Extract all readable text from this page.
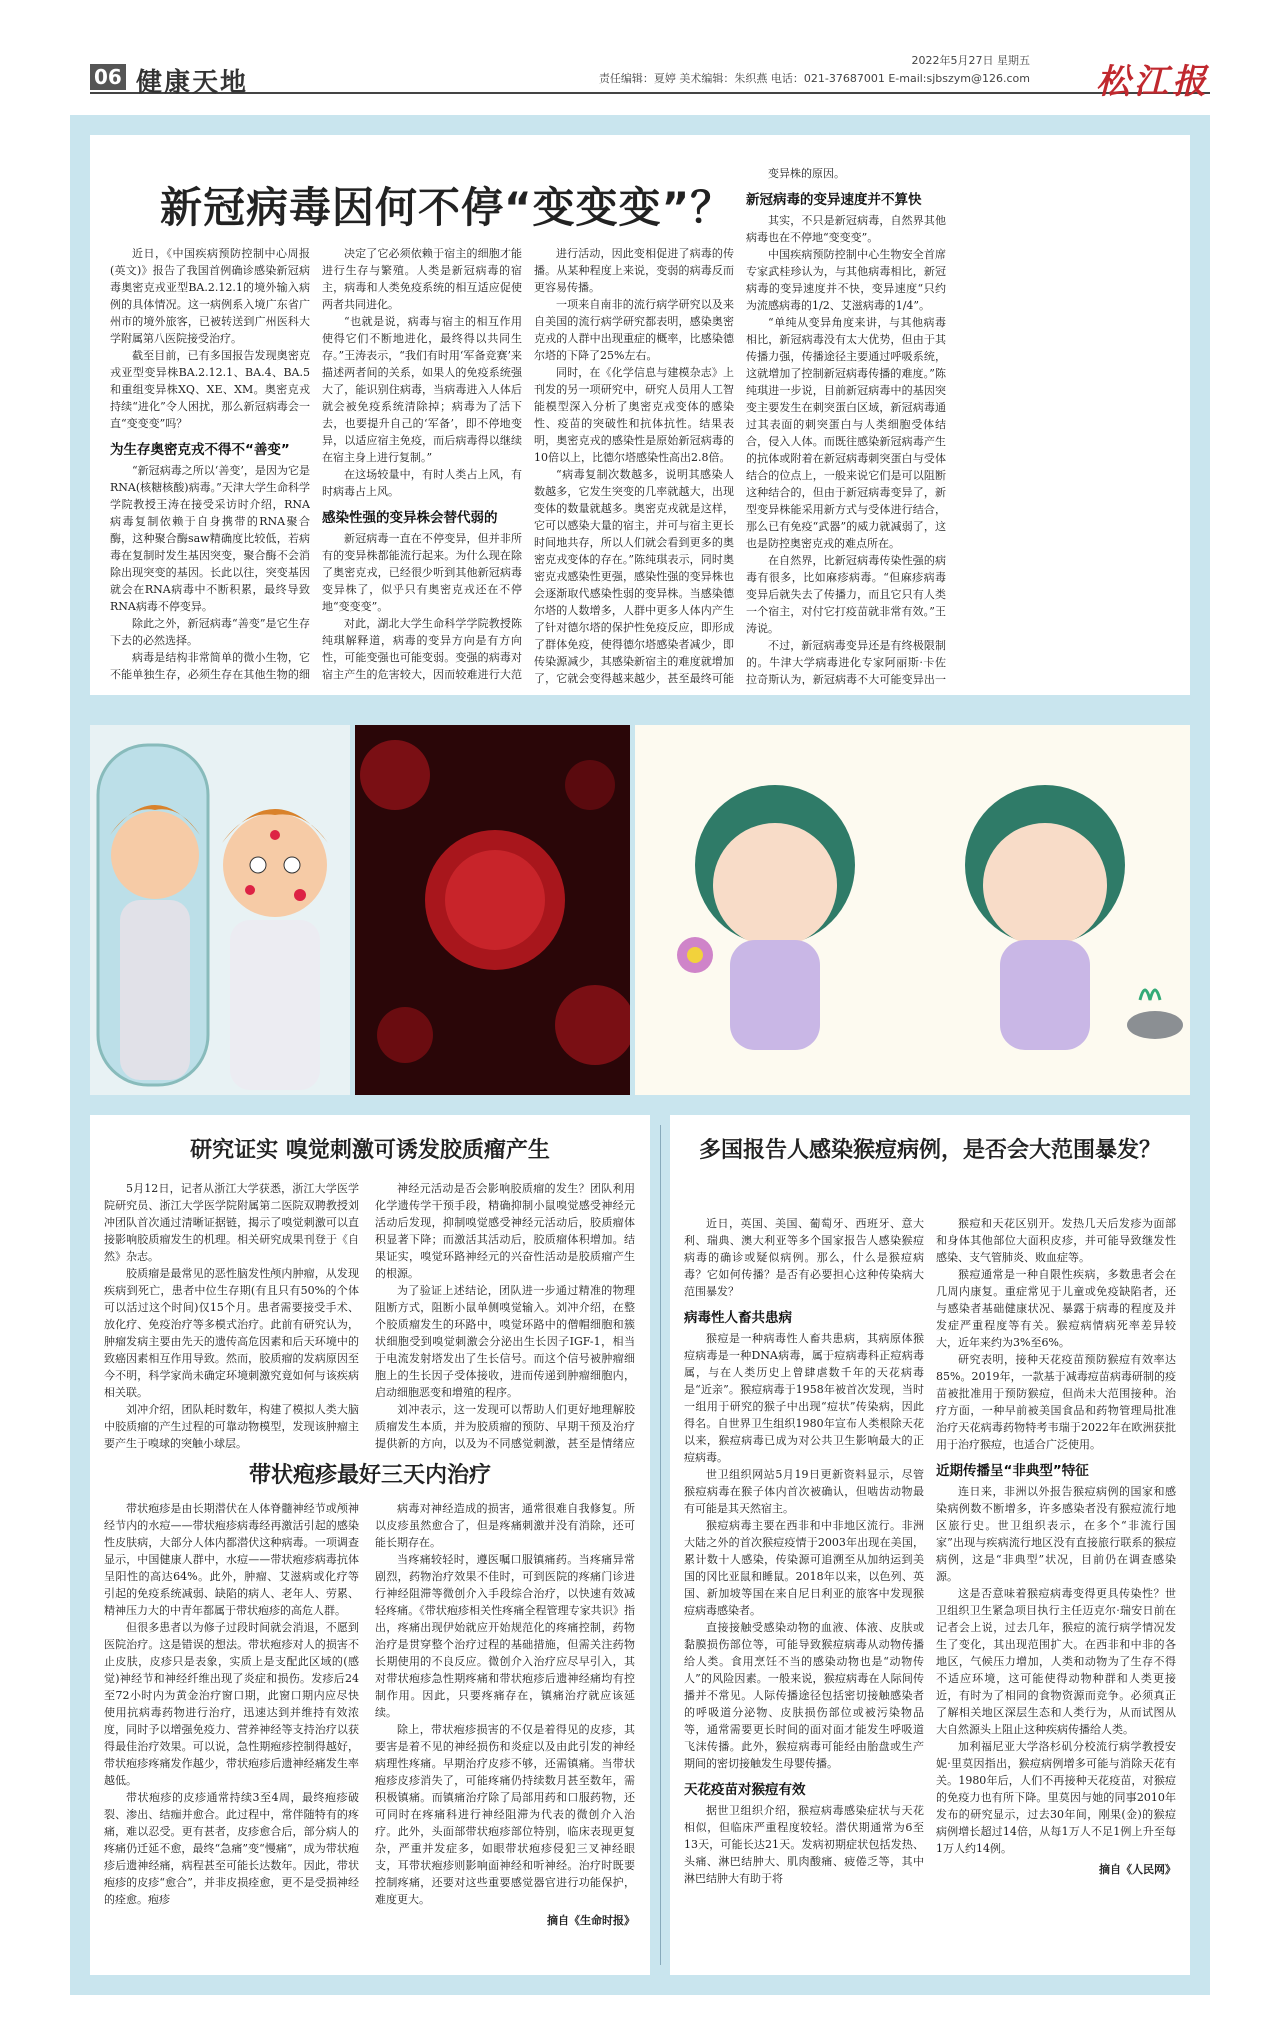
06 健康天地
2022年5月27日 星期五
责任编辑：夏婷 美术编辑：朱织燕 电话：021-37687001 E-mail:sjbszym@126.com 松江报
新冠病毒因何不停“变变变”？

近日，《中国疾病预防控制中心周报(英文)》报告了我国首例确诊感染新冠病毒奥密克戎亚型BA.2.12.1的境外输入病例的具体情况。这一病例系入境广东省广州市的境外旅客，已被转送到广州医科大学附属第八医院接受治疗。

截至目前，已有多国报告发现奥密克戎亚型变异株BA.2.12.1、BA.4、BA.5和重组变异株XQ、XE、XM。奥密克戎持续“进化”令人困扰，那么新冠病毒会一直“变变变”吗？

为生存奥密克戎不得不“善变”

“新冠病毒之所以‘善变’，是因为它是RNA(核糖核酸)病毒。”天津大学生命科学学院教授王涛在接受采访时介绍，RNA病毒复制依赖于自身携带的RNA聚合酶，这种聚合酶saw精确度比较低，若病毒在复制时发生基因突变，聚合酶不会消除出现突变的基因。长此以往，突变基因就会在RNA病毒中不断积累，最终导致RNA病毒不停变异。

除此之外，新冠病毒“善变”是它生存下去的必然选择。

病毒是结构非常简单的微小生物，它不能单独生存，必须生存在其他生物的细

决定了它必须依赖于宿主的细胞才能进行生存与繁殖。人类是新冠病毒的宿主，病毒和人类免疫系统的相互适应促使两者共同进化。

“也就是说，病毒与宿主的相互作用使得它们不断地进化，最终得以共同生存。”王涛表示，“我们有时用‘军备竞赛’来描述两者间的关系，如果人的免疫系统强大了，能识别住病毒，当病毒进入人体后就会被免疫系统清除掉；病毒为了活下去，也要提升自己的‘军备’，即不停地变异，以适应宿主免疫，而后病毒得以继续在宿主身上进行复制。”

在这场较量中，有时人类占上风，有时病毒占上风。

感染性强的变异株会替代弱的

新冠病毒一直在不停变异，但并非所有的变异株都能流行起来。为什么现在除了奥密克戎，已经很少听到其他新冠病毒变异株了，似乎只有奥密克戎还在不停地“变变变”。

对此，湖北大学生命科学学院教授陈纯琪解释道，病毒的变异方向是有方向性，可能变强也可能变弱。变强的病毒对宿主产生的危害较大，因而较难进行大范

进行活动，因此变相促进了病毒的传播。从某种程度上来说，变弱的病毒反而更容易传播。

一项来自南非的流行病学研究以及来自美国的流行病学研究都表明，感染奥密克戎的人群中出现重症的概率，比感染德尔塔的下降了25%左右。

同时，在《化学信息与建模杂志》上刊发的另一项研究中，研究人员用人工智能模型深入分析了奥密克戎变体的感染性、疫苗的突破性和抗体抗性。结果表明，奥密克戎的感染性是原始新冠病毒的10倍以上，比德尔塔感染性高出2.8倍。

“病毒复制次数越多，说明其感染人数越多，它发生突变的几率就越大，出现变体的数量就越多。奥密克戎就是这样，它可以感染大量的宿主，并可与宿主更长时间地共存，所以人们就会看到更多的奥密克戎变体的存在。”陈纯琪表示，同时奥密克戎感染性更强，感染性强的变异株也会逐渐取代感染性弱的变异株。当感染德尔塔的人数增多，人群中更多人体内产生了针对德尔塔的保护性免疫反应，即形成了群体免疫，使得德尔塔感染者减少，即传染源减少，其感染新宿主的难度就增加了，它就会变得越来越少，甚至最终可能

变异株的原因。

新冠病毒的变异速度并不算快

其实，不只是新冠病毒，自然界其他病毒也在不停地“变变变”。

中国疾病预防控制中心生物安全首席专家武桂珍认为，与其他病毒相比，新冠病毒的变异速度并不快，变异速度“只约为流感病毒的1/2、艾滋病毒的1/4”。

“单纯从变异角度来讲，与其他病毒相比，新冠病毒没有太大优势，但由于其传播力强，传播途径主要通过呼吸系统，这就增加了控制新冠病毒传播的难度。”陈纯琪进一步说，目前新冠病毒中的基因突变主要发生在刺突蛋白区域，新冠病毒通过其表面的刺突蛋白与人类细胞受体结合，侵入人体。而既往感染新冠病毒产生的抗体或附着在新冠病毒刺突蛋白与受体结合的位点上，一般来说它们是可以阻断这种结合的，但由于新冠病毒变异了，新型变异株能采用新方式与受体进行结合，那么已有免疫“武器”的威力就减弱了，这也是防控奥密克戎的难点所在。

在自然界，比新冠病毒传染性强的病毒有很多，比如麻疹病毒。“但麻疹病毒变异后就失去了传播力，而且它只有人类一个宿主，对付它打疫苗就非常有效。”王涛说。

不过，新冠病毒变异还是有终极限制的。牛津大学病毒进化专家阿丽斯·卡佐拉奇斯认为，新冠病毒不大可能变异出一

研究证实 嗅觉刺激可诱发胶质瘤产生

5月12日，记者从浙江大学获悉，浙江大学医学院研究员、浙江大学医学院附属第二医院双聘教授刘冲团队首次通过清晰证据链，揭示了嗅觉刺激可以直接影响胶质瘤发生的机理。相关研究成果刊登于《自然》杂志。

胶质瘤是最常见的恶性脑发性颅内肿瘤，从发现疾病到死亡，患者中位生存期(有且只有50%的个体可以活过这个时间)仅15个月。患者需要接受手术、放化疗、免疫治疗等多模式治疗。此前有研究认为，肿瘤发病主要由先天的遗传高危因素和后天环境中的致癌因素相互作用导致。然而，胶质瘤的发病原因至今不明，科学家尚未确定环境刺激究竟如何与该疾病相关联。

刘冲介绍，团队耗时数年，构建了模拟人类大脑中胶质瘤的产生过程的可靠动物模型，发现该肿瘤主要产生于嗅球的突触小球层。

神经元活动是否会影响胶质瘤的发生？团队利用化学遗传学干预手段，精确抑制小鼠嗅觉感受神经元活动后发现，抑制嗅觉感受神经元活动后，胶质瘤体积显著下降；而激活其活动后，胶质瘤体积增加。结果证实，嗅觉环路神经元的兴奋性活动是胶质瘤产生的根源。

为了验证上述结论，团队进一步通过精准的物理阻断方式，阻断小鼠单侧嗅觉输入。刘冲介绍，在整个胶质瘤发生的环路中，嗅觉环路中的僧帽细胞和簇状细胞受到嗅觉刺激会分泌出生长因子IGF-1，相当于电流发射塔发出了生长信号。而这个信号被肿瘤细胞上的生长因子受体接收，进而传递到肿瘤细胞内，启动细胞恶变和增殖的程序。

刘冲表示，这一发现可以帮助人们更好地理解胶质瘤发生本质，并为胶质瘤的预防、早期干预及治疗提供新的方向，以及为不同感觉刺激，甚至是情绪应

带状疱疹最好三天内治疗

带状疱疹是由长期潜伏在人体脊髓神经节或颅神经节内的水痘——带状疱疹病毒经再激活引起的感染性皮肤病，大部分人体内都潜伏这种病毒。一项调查显示，中国健康人群中，水痘——带状疱疹病毒抗体呈阳性的高达64%。此外，肿瘤、艾滋病或化疗等引起的免疫系统减弱、缺陷的病人、老年人、劳累、精神压力大的中青年都属于带状疱疹的高危人群。

但很多患者以为修子过段时间就会消退，不愿到医院治疗。这是错误的想法。带状疱疹对人的损害不止皮肤，皮疹只是表象，实质上是支配此区域的(感觉)神经节和神经纤维出现了炎症和损伤。发疹后24至72小时内为黄金治疗窗口期，此窗口期内应尽快使用抗病毒药物进行治疗，迅速达到并维持有效浓度，同时予以增强免疫力、营养神经等支持治疗以获得最佳治疗效果。可以说，急性期疱疹控制得越好，带状疱疹疼痛发作越少，带状疱疹后遗神经痛发生率越低。

带状疱疹的皮疹通常持续3至4周，最终疱疹破裂、渗出、结痂并愈合。此过程中，常伴随特有的疼痛，难以忍受。更有甚者，皮疹愈合后，部分病人的疼痛仍迁延不愈，最终“急痛”变“慢痛”，成为带状疱疹后遗神经痛，病程甚至可能长达数年。因此，带状疱疹的皮疹“愈合”，并非皮损痊愈，更不是受损神经的痊愈。疱疹

病毒对神经造成的损害，通常很难自我修复。所以皮疹虽然愈合了，但是疼痛刺激并没有消除，还可能长期存在。

当疼痛较轻时，遵医嘱口服镇痛药。当疼痛异常剧烈，药物治疗效果不佳时，可到医院的疼痛门诊进行神经阻滞等微创介入手段综合治疗，以快速有效减轻疼痛。《带状疱疹相关性疼痛全程管理专家共识》指出，疼痛出现伊始就应开始规范化的疼痛控制，药物治疗是贯穿整个治疗过程的基础措施，但需关注药物长期使用的不良反应。微创介入治疗应尽早引入，其对带状疱疹急性期疼痛和带状疱疹后遗神经痛均有控制作用。因此，只要疼痛存在，镇痛治疗就应该延续。

除上，带状疱疹损害的不仅是着得见的皮疹，其要害是着不见的神经损伤和炎症以及由此引发的神经病理性疼痛。早期治疗皮疹不够，还需镇痛。当带状疱疹皮疹消失了，可能疼痛仍持续数月甚至数年，需积极镇痛。而镇痛治疗除了局部用药和口服药物，还可同时在疼痛科进行神经阻滞为代表的微创介入治疗。此外，头面部带状疱疹部位特别，临床表现更复杂，严重并发症多，如眼带状疱疹侵犯三叉神经眼支，耳带状疱疹则影响面神经和听神经。治疗时既要控制疼痛，还要对这些重要感觉器官进行功能保护，难度更大。

摘自《生命时报》
多国报告人感染猴痘病例，是否会大范围暴发？

近日，英国、美国、葡萄牙、西班牙、意大利、瑞典、澳大利亚等多个国家报告人感染猴痘病毒的确诊或疑似病例。那么，什么是猴痘病毒？它如何传播？是否有必要担心这种传染病大范围暴发？

病毒性人畜共患病

猴痘是一种病毒性人畜共患病，其病原体猴痘病毒是一种DNA病毒，属于痘病毒科正痘病毒属，与在人类历史上曾肆虐数千年的天花病毒是“近亲”。猴痘病毒于1958年被首次发现，当时一组用于研究的猴子中出现“痘状”传染病，因此得名。自世界卫生组织1980年宣布人类根除天花以来，猴痘病毒已成为对公共卫生影响最大的正痘病毒。

世卫组织网站5月19日更新资料显示，尽管猴痘病毒在猴子体内首次被确认，但啮齿动物最有可能是其天然宿主。

猴痘病毒主要在西非和中非地区流行。非洲大陆之外的首次猴痘疫情于2003年出现在美国，累计数十人感染，传染源可追溯至从加纳运到美国的冈比亚鼠和睡鼠。2018年以来，以色列、英国、新加坡等国在来自尼日利亚的旅客中发现猴痘病毒感染者。

直接接触受感染动物的血液、体液、皮肤或黏膜损伤部位等，可能导致猴痘病毒从动物传播给人类。食用烹饪不当的感染动物也是“动物传人”的风险因素。一般来说，猴痘病毒在人际间传播并不常见。人际传播途径包括密切接触感染者的呼吸道分泌物、皮肤损伤部位或被污染物品等，通常需要更长时间的面对面才能发生呼吸道飞沫传播。此外，猴痘病毒可能经由胎盘或生产期间的密切接触发生母婴传播。

天花疫苗对猴痘有效

据世卫组织介绍，猴痘病毒感染症状与天花相似，但临床严重程度较轻。潜伏期通常为6至13天，可能长达21天。发病初期症状包括发热、头痛、淋巴结肿大、肌肉酸痛、疲倦乏等，其中淋巴结肿大有助于将

猴痘和天花区别开。发热几天后发疹为面部和身体其他部位大面积皮疹，并可能导致继发性感染、支气管肺炎、败血症等。

猴痘通常是一种自限性疾病，多数患者会在几周内康复。重症常见于儿童或免疫缺陷者，还与感染者基础健康状况、暴露于病毒的程度及并发症严重程度等有关。猴痘病情病死率差异较大，近年来约为3%至6%。

研究表明，接种天花疫苗预防猴痘有效率达85%。2019年，一款基于减毒痘苗病毒研制的疫苗被批准用于预防猴痘，但尚未大范围接种。治疗方面，一种早前被美国食品和药物管理局批准治疗天花病毒药物特考韦瑞于2022年在欧洲获批用于治疗猴痘，也适合广泛使用。

近期传播呈“非典型”特征

连日来，非洲以外报告猴痘病例的国家和感染病例数不断增多，许多感染者没有猴痘流行地区旅行史。世卫组织表示，在多个“非流行国家”出现与疾病流行地区没有直接旅行联系的猴痘病例，这是“非典型”状况，目前仍在调查感染源。

这是否意味着猴痘病毒变得更具传染性？世卫组织卫生紧急项目执行主任迈克尔·瑞安日前在记者会上说，过去几年，猴痘的流行病学情况发生了变化，其出现范围扩大。在西非和中非的各地区，气候压力增加，人类和动物为了生存不得不适应环境，这可能使得动物种群和人类更接近，有时为了相同的食物资源而竞争。必须真正了解相关地区深层生态和人类行为，从而试图从大自然源头上阻止这种疾病传播给人类。

加利福尼亚大学洛杉矶分校流行病学教授安妮·里莫因指出，猴痘病例增多可能与消除天花有关。1980年后，人们不再接种天花疫苗，对猴痘的免疫力也有所下降。里莫因与她的同事2010年发布的研究显示，过去30年间，刚果(金)的猴痘病例增长超过14倍，从每1万人不足1例上升至每1万人约14例。

摘自《人民网》
